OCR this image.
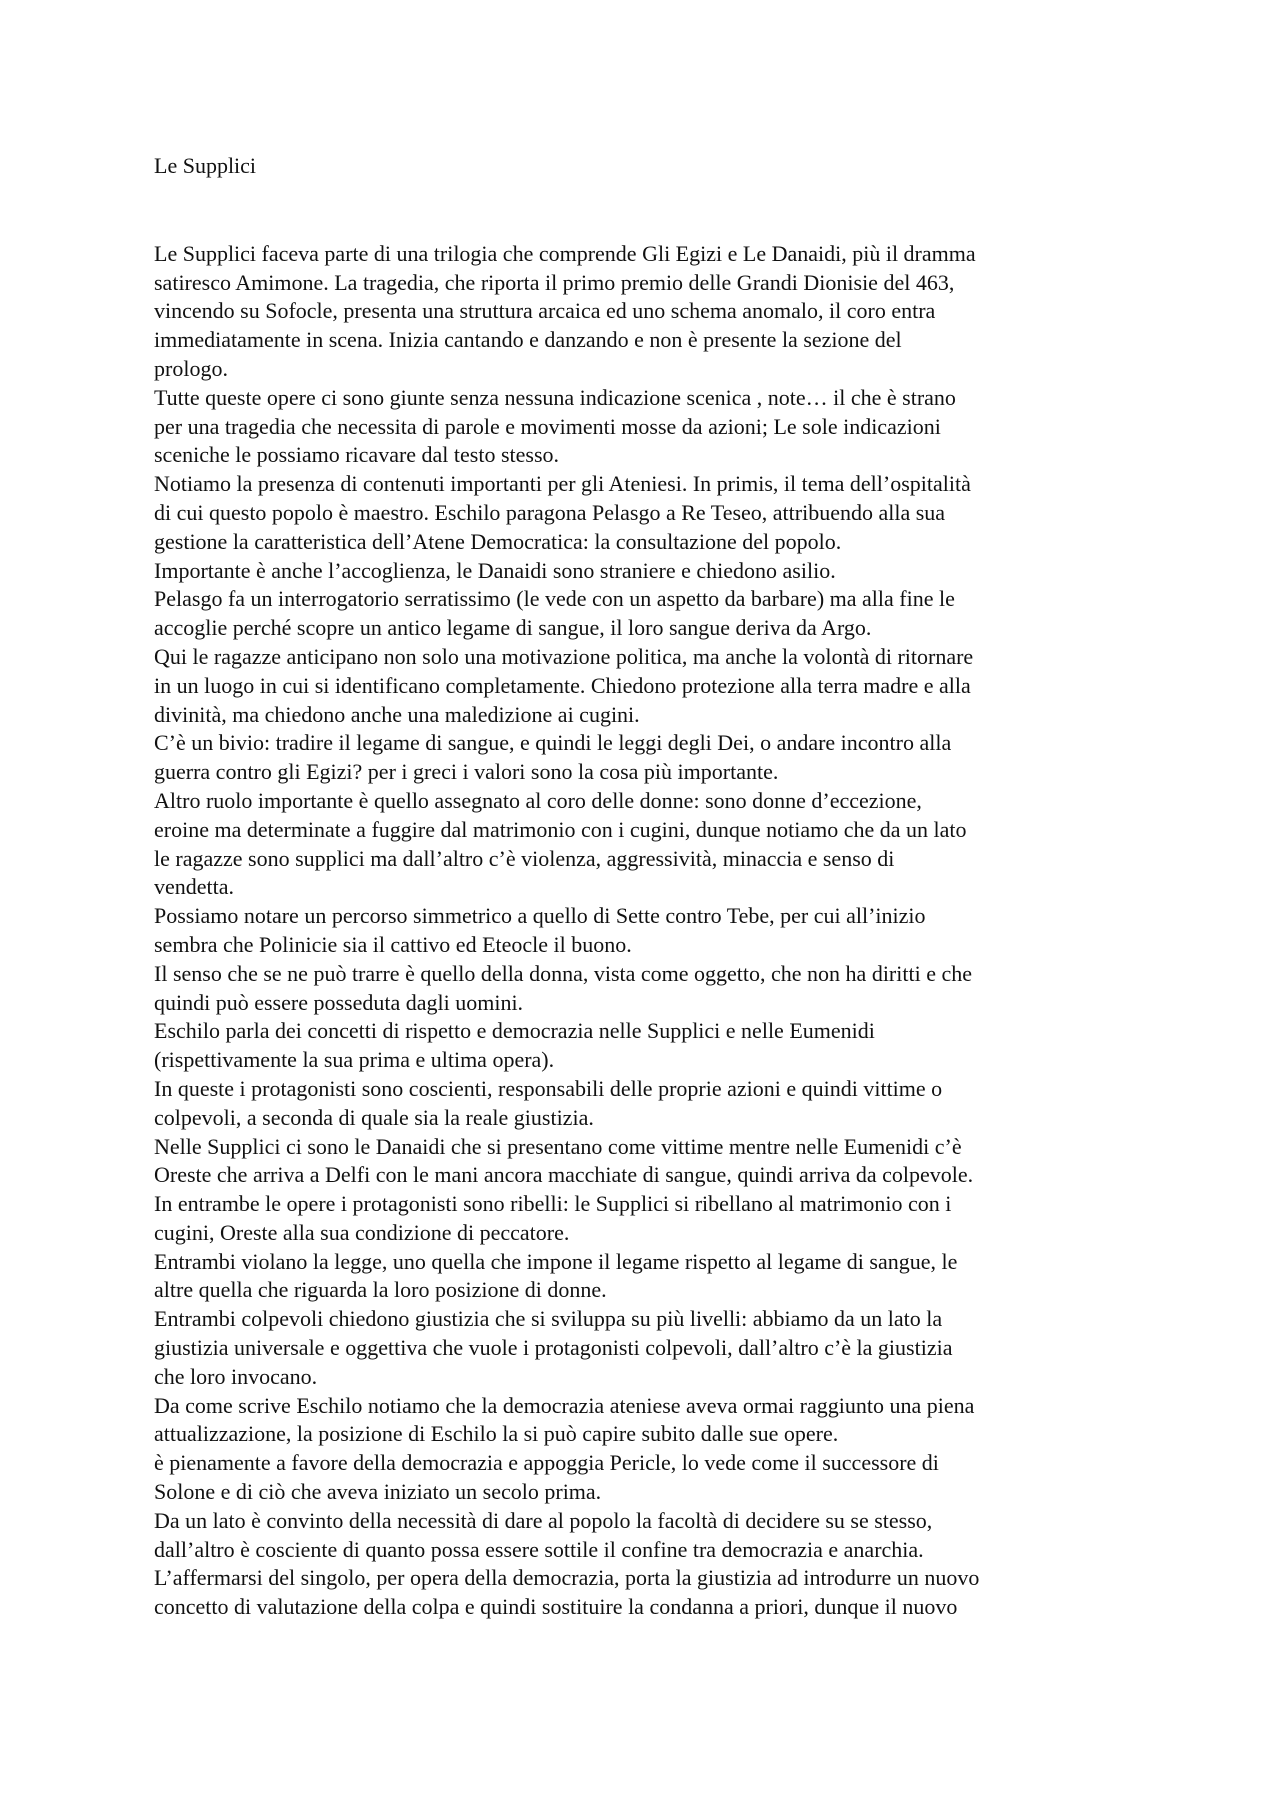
Le Supplici

Le Supplici faceva parte di una trilogia che comprende Gli Egizi e Le Danaidi, più il dramma
satiresco Amimone. La tragedia, che riporta il primo premio delle Grandi Dionisie del 463,
vincendo su Sofocle, presenta una struttura arcaica ed uno schema anomalo, il coro entra
immediatamente in scena. Inizia cantando e danzando e non è presente la sezione del
prologo.

Tutte queste opere ci sono giunte senza nessuna indicazione scenica , note… il che è strano
per una tragedia che necessita di parole e movimenti mosse da azioni; Le sole indicazioni
sceniche le possiamo ricavare dal testo stesso.

Notiamo la presenza di contenuti importanti per gli Ateniesi. In primis, il tema dell’ospitalità
di cui questo popolo è maestro. Eschilo paragona Pelasgo a Re Teseo, attribuendo alla sua
gestione la caratteristica dell’Atene Democratica: la consultazione del popolo.

Importante è anche l’accoglienza, le Danaidi sono straniere e chiedono asilio.

Pelasgo fa un interrogatorio serratissimo (le vede con un aspetto da barbare) ma alla fine le
accoglie perché scopre un antico legame di sangue, il loro sangue deriva da Argo.

Qui le ragazze anticipano non solo una motivazione politica, ma anche la volontà di ritornare
in un luogo in cui si identificano completamente. Chiedono protezione alla terra madre e alla
divinità, ma chiedono anche una maledizione ai cugini.

C’è un bivio: tradire il legame di sangue, e quindi le leggi degli Dei, o andare incontro alla
guerra contro gli Egizi? per i greci i valori sono la cosa più importante.

Altro ruolo importante è quello assegnato al coro delle donne: sono donne d’eccezione,
eroine ma determinate a fuggire dal matrimonio con i cugini, dunque notiamo che da un lato
le ragazze sono supplici ma dall’altro c’è violenza, aggressività, minaccia e senso di
vendetta.

Possiamo notare un percorso simmetrico a quello di Sette contro Tebe, per cui all’inizio
sembra che Polinicie sia il cattivo ed Eteocle il buono.

Il senso che se ne può trarre è quello della donna, vista come oggetto, che non ha diritti e che
quindi può essere posseduta dagli uomini.

Eschilo parla dei concetti di rispetto e democrazia nelle Supplici e nelle Eumenidi
(rispettivamente la sua prima e ultima opera).

In queste i protagonisti sono coscienti, responsabili delle proprie azioni e quindi vittime o
colpevoli, a seconda di quale sia la reale giustizia.

Nelle Supplici ci sono le Danaidi che si presentano come vittime mentre nelle Eumenidi c’è
Oreste che arriva a Delfi con le mani ancora macchiate di sangue, quindi arriva da colpevole.

In entrambe le opere i protagonisti sono ribelli: le Supplici si ribellano al matrimonio con i
cugini, Oreste alla sua condizione di peccatore.

Entrambi violano la legge, uno quella che impone il legame rispetto al legame di sangue, le
altre quella che riguarda la loro posizione di donne.

Entrambi colpevoli chiedono giustizia che si sviluppa su più livelli: abbiamo da un lato la
giustizia universale e oggettiva che vuole i protagonisti colpevoli, dall’altro c’è la giustizia
che loro invocano.

Da come scrive Eschilo notiamo che la democrazia ateniese aveva ormai raggiunto una piena
attualizzazione, la posizione di Eschilo la si può capire subito dalle sue opere.

è pienamente a favore della democrazia e appoggia Pericle, lo vede come il successore di
Solone e di ciò che aveva iniziato un secolo prima.

Da un lato è convinto della necessità di dare al popolo la facoltà di decidere su se stesso,
dall’altro è cosciente di quanto possa essere sottile il confine tra democrazia e anarchia.

L’affermarsi del singolo, per opera della democrazia, porta la giustizia ad introdurre un nuovo
concetto di valutazione della colpa e quindi sostituire la condanna a priori, dunque il nuovo
